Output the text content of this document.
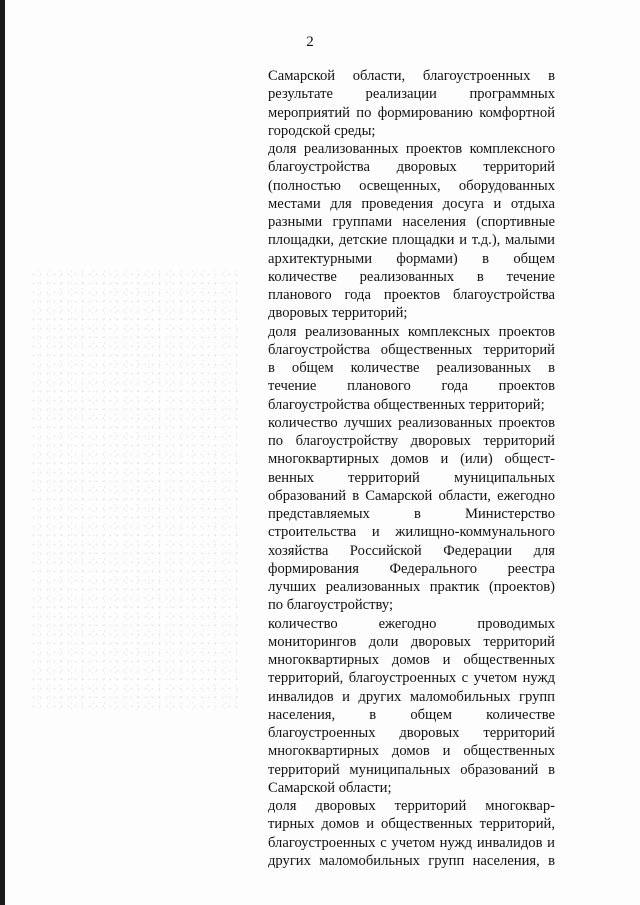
2
Самарской области, благоустроенных в
результате реализации программных
мероприятий по формированию комфортной
городской среды;
доля реализованных проектов комплексного
благоустройства дворовых территорий
(полностью освещенных, оборудованных
местами для проведения досуга и отдыха
разными группами населения (спортивные
площадки, детские площадки и т.д.), малыми
архитектурными формами) в общем
количестве реализованных в течение
планового года проектов благоустройства
дворовых территорий;
доля реализованных комплексных проектов
благоустройства общественных территорий
в общем количестве реализованных в
течение планового года проектов
благоустройства общественных территорий;
количество лучших реализованных проектов
по благоустройству дворовых территорий
многоквартирных домов и (или) общест-
венных территорий муниципальных
образований в Самарской области, ежегодно
представляемых в Министерство
строительства и жилищно-коммунального
хозяйства Российской Федерации для
формирования Федерального реестра
лучших реализованных практик (проектов)
по благоустройству;
количество ежегодно проводимых
мониторингов доли дворовых территорий
многоквартирных домов и общественных
территорий, благоустроенных с учетом нужд
инвалидов и других маломобильных групп
населения, в общем количестве
благоустроенных дворовых территорий
многоквартирных домов и общественных
территорий муниципальных образований в
Самарской области;
доля дворовых территорий многоквар-
тирных домов и общественных территорий,
благоустроенных с учетом нужд инвалидов и
других маломобильных групп населения, в
